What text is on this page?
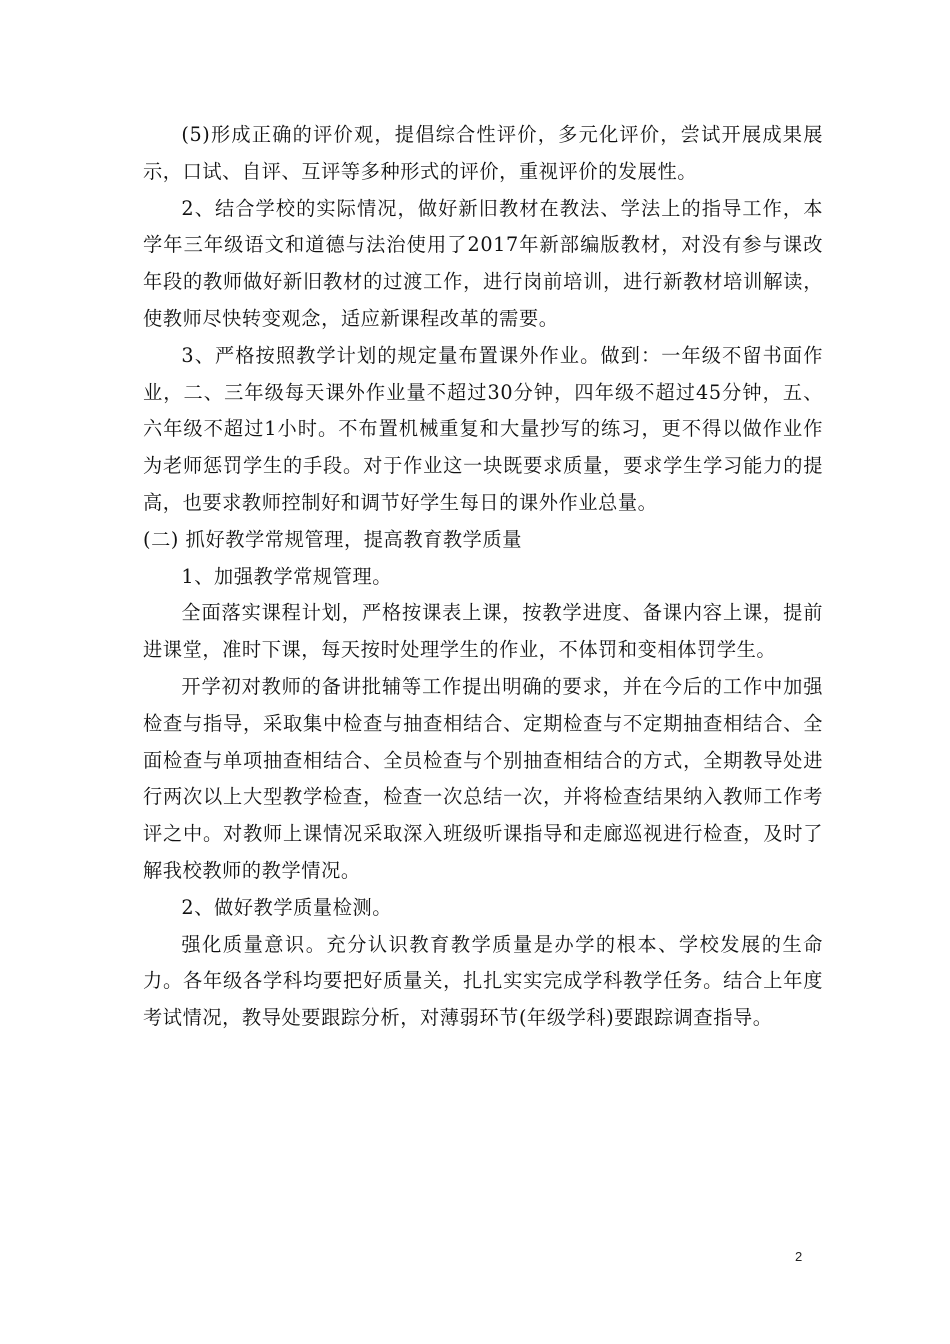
(5)形成正确的评价观，提倡综合性评价，多元化评价，尝试开展成果展示，口试、自评、互评等多种形式的评价，重视评价的发展性。

2、结合学校的实际情况，做好新旧教材在教法、学法上的指导工作，本学年三年级语文和道德与法治使用了2017年新部编版教材，对没有参与课改年段的教师做好新旧教材的过渡工作，进行岗前培训，进行新教材培训解读，使教师尽快转变观念，适应新课程改革的需要。

3、严格按照教学计划的规定量布置课外作业。做到：一年级不留书面作业，二、三年级每天课外作业量不超过30分钟，四年级不超过45分钟，五、六年级不超过1小时。不布置机械重复和大量抄写的练习，更不得以做作业作为老师惩罚学生的手段。对于作业这一块既要求质量，要求学生学习能力的提高，也要求教师控制好和调节好学生每日的课外作业总量。

(二) 抓好教学常规管理，提高教育教学质量

1、加强教学常规管理。

全面落实课程计划，严格按课表上课，按教学进度、备课内容上课，提前进课堂，准时下课，每天按时处理学生的作业，不体罚和变相体罚学生。

开学初对教师的备讲批辅等工作提出明确的要求，并在今后的工作中加强检查与指导，采取集中检查与抽查相结合、定期检查与不定期抽查相结合、全面检查与单项抽查相结合、全员检查与个别抽查相结合的方式，全期教导处进行两次以上大型教学检查，检查一次总结一次，并将检查结果纳入教师工作考评之中。对教师上课情况采取深入班级听课指导和走廊巡视进行检查，及时了解我校教师的教学情况。

2、做好教学质量检测。

强化质量意识。充分认识教育教学质量是办学的根本、学校发展的生命力。各年级各学科均要把好质量关，扎扎实实完成学科教学任务。结合上年度考试情况，教导处要跟踪分析，对薄弱环节(年级学科)要跟踪调查指导。

2
